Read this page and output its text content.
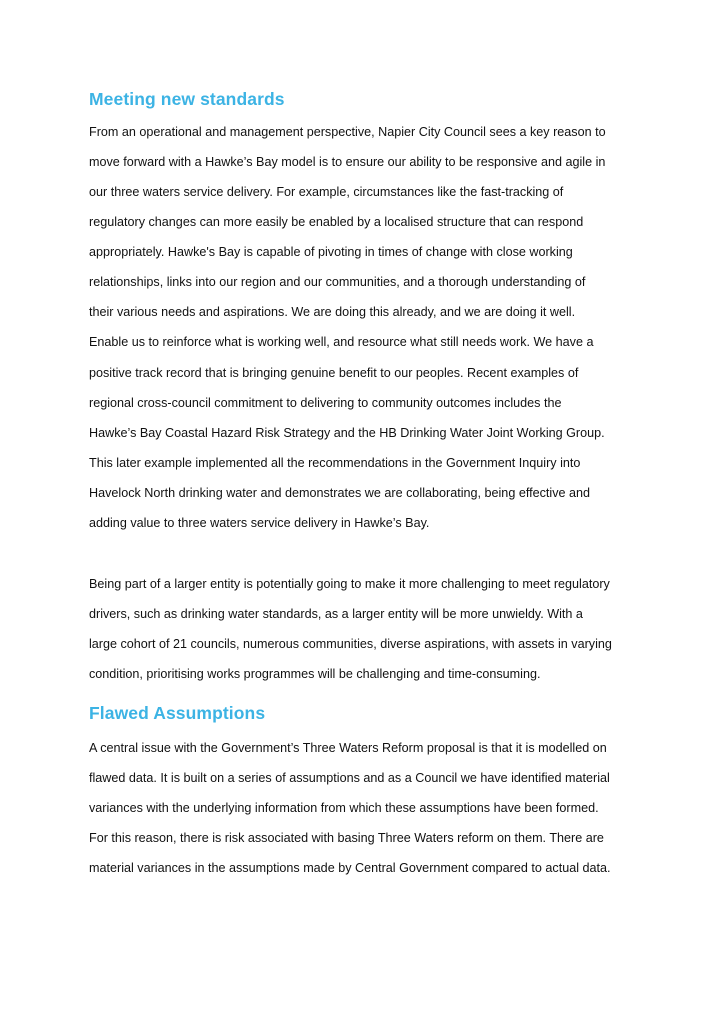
Meeting new standards
From an operational and management perspective, Napier City Council sees a key reason to
move forward with a Hawke’s Bay model is to ensure our ability to be responsive and agile in
our three waters service delivery. For example, circumstances like the fast-tracking of
regulatory changes can more easily be enabled by a localised structure that can respond
appropriately. Hawke's Bay is capable of pivoting in times of change with close working
relationships, links into our region and our communities, and a thorough understanding of
their various needs and aspirations. We are doing this already, and we are doing it well.
Enable us to reinforce what is working well, and resource what still needs work. We have a
positive track record that is bringing genuine benefit to our peoples. Recent examples of
regional cross-council commitment to delivering to community outcomes includes the
Hawke’s Bay Coastal Hazard Risk Strategy and the HB Drinking Water Joint Working Group.
This later example implemented all the recommendations in the Government Inquiry into
Havelock North drinking water and demonstrates we are collaborating, being effective and
adding value to three waters service delivery in Hawke’s Bay.
Being part of a larger entity is potentially going to make it more challenging to meet regulatory
drivers, such as drinking water standards, as a larger entity will be more unwieldy. With a
large cohort of 21 councils, numerous communities, diverse aspirations, with assets in varying
condition, prioritising works programmes will be challenging and time-consuming.
Flawed Assumptions
A central issue with the Government’s Three Waters Reform proposal is that it is modelled on
flawed data. It is built on a series of assumptions and as a Council we have identified material
variances with the underlying information from which these assumptions have been formed.
For this reason, there is risk associated with basing Three Waters reform on them. There are
material variances in the assumptions made by Central Government compared to actual data.
